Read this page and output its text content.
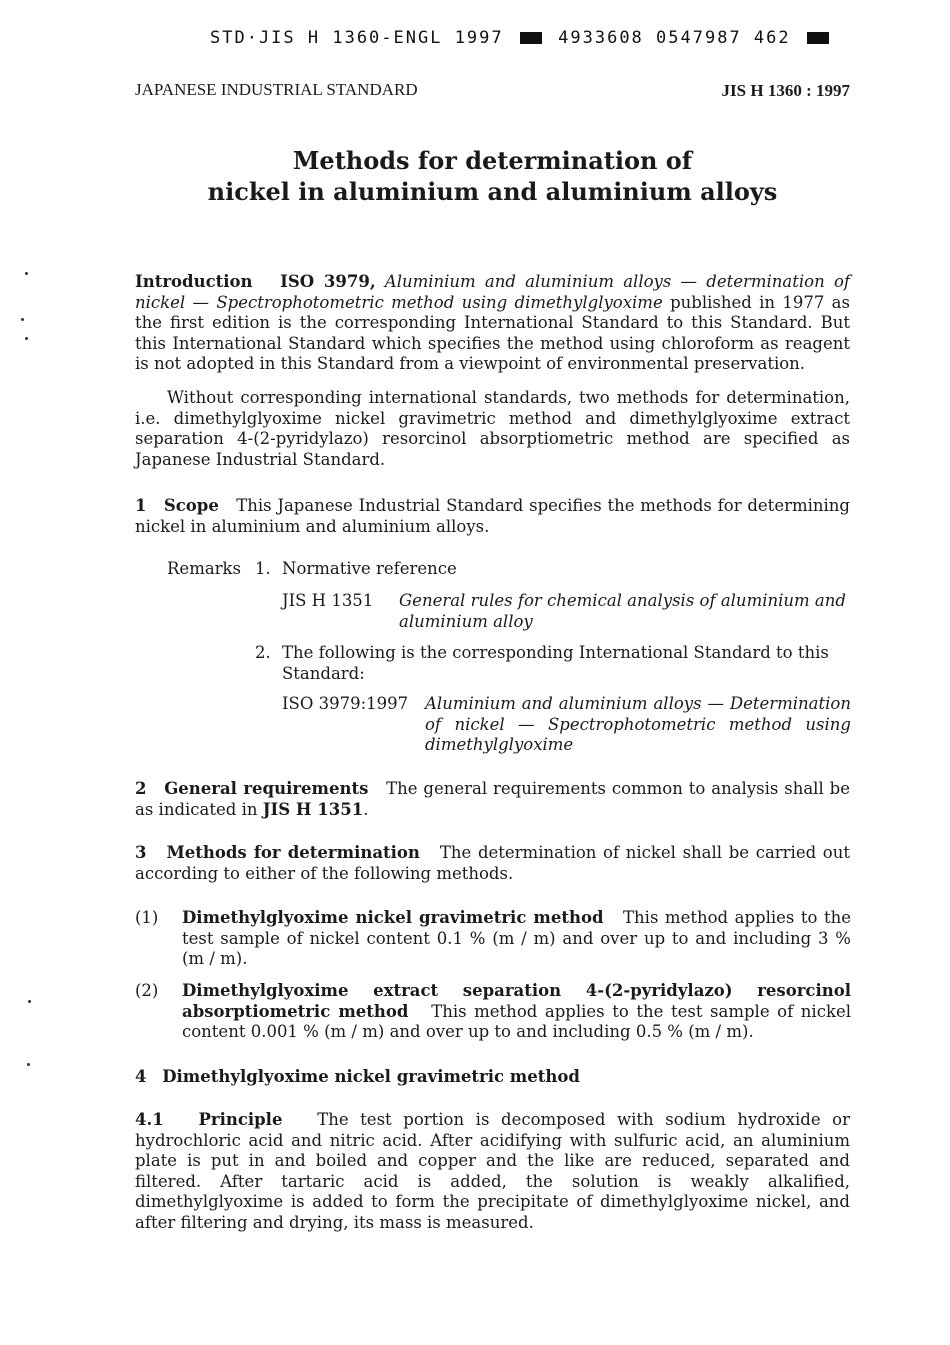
STD·JIS H 1360-ENGL 1997	4933608 0547987 462
JAPANESE INDUSTRIAL STANDARD	JIS H 1360 : 1997
Methods for determination of
nickel in aluminium and aluminium alloys
Introduction ISO 3979, Aluminium and aluminium alloys — determination of nickel — Spectrophotometric method using dimethylglyoxime published in 1977 as the first edition is the corresponding International Standard to this Standard. But this International Standard which specifies the method using chloroform as reagent is not adopted in this Standard from a viewpoint of environmental preservation.
Without corresponding international standards, two methods for determination, i.e. dimethylglyoxime nickel gravimetric method and dimethylglyoxime extract separation 4-(2-pyridylazo) resorcinol absorptiometric method are specified as Japanese Industrial Standard.
1 Scope This Japanese Industrial Standard specifies the methods for determining nickel in aluminium and aluminium alloys.
Remarks 1. Normative reference
JIS H 1351 General rules for chemical analysis of aluminium and aluminium alloy
2. The following is the corresponding International Standard to this Standard:
ISO 3979:1997 Aluminium and aluminium alloys — Determination of nickel — Spectrophotometric method using dimethylglyoxime
2 General requirements The general requirements common to analysis shall be as indicated in JIS H 1351.
3 Methods for determination The determination of nickel shall be carried out according to either of the following methods.
(1) Dimethylglyoxime nickel gravimetric method This method applies to the test sample of nickel content 0.1 % (m / m) and over up to and including 3 % (m / m).
(2) Dimethylglyoxime extract separation 4-(2-pyridylazo) resorcinol absorptiometric method This method applies to the test sample of nickel content 0.001 % (m / m) and over up to and including 0.5 % (m / m).
4 Dimethylglyoxime nickel gravimetric method
4.1 Principle The test portion is decomposed with sodium hydroxide or hydrochloric acid and nitric acid. After acidifying with sulfuric acid, an aluminium plate is put in and boiled and copper and the like are reduced, separated and filtered. After tartaric acid is added, the solution is weakly alkalified, dimethylglyoxime is added to form the precipitate of dimethylglyoxime nickel, and after filtering and drying, its mass is measured.
